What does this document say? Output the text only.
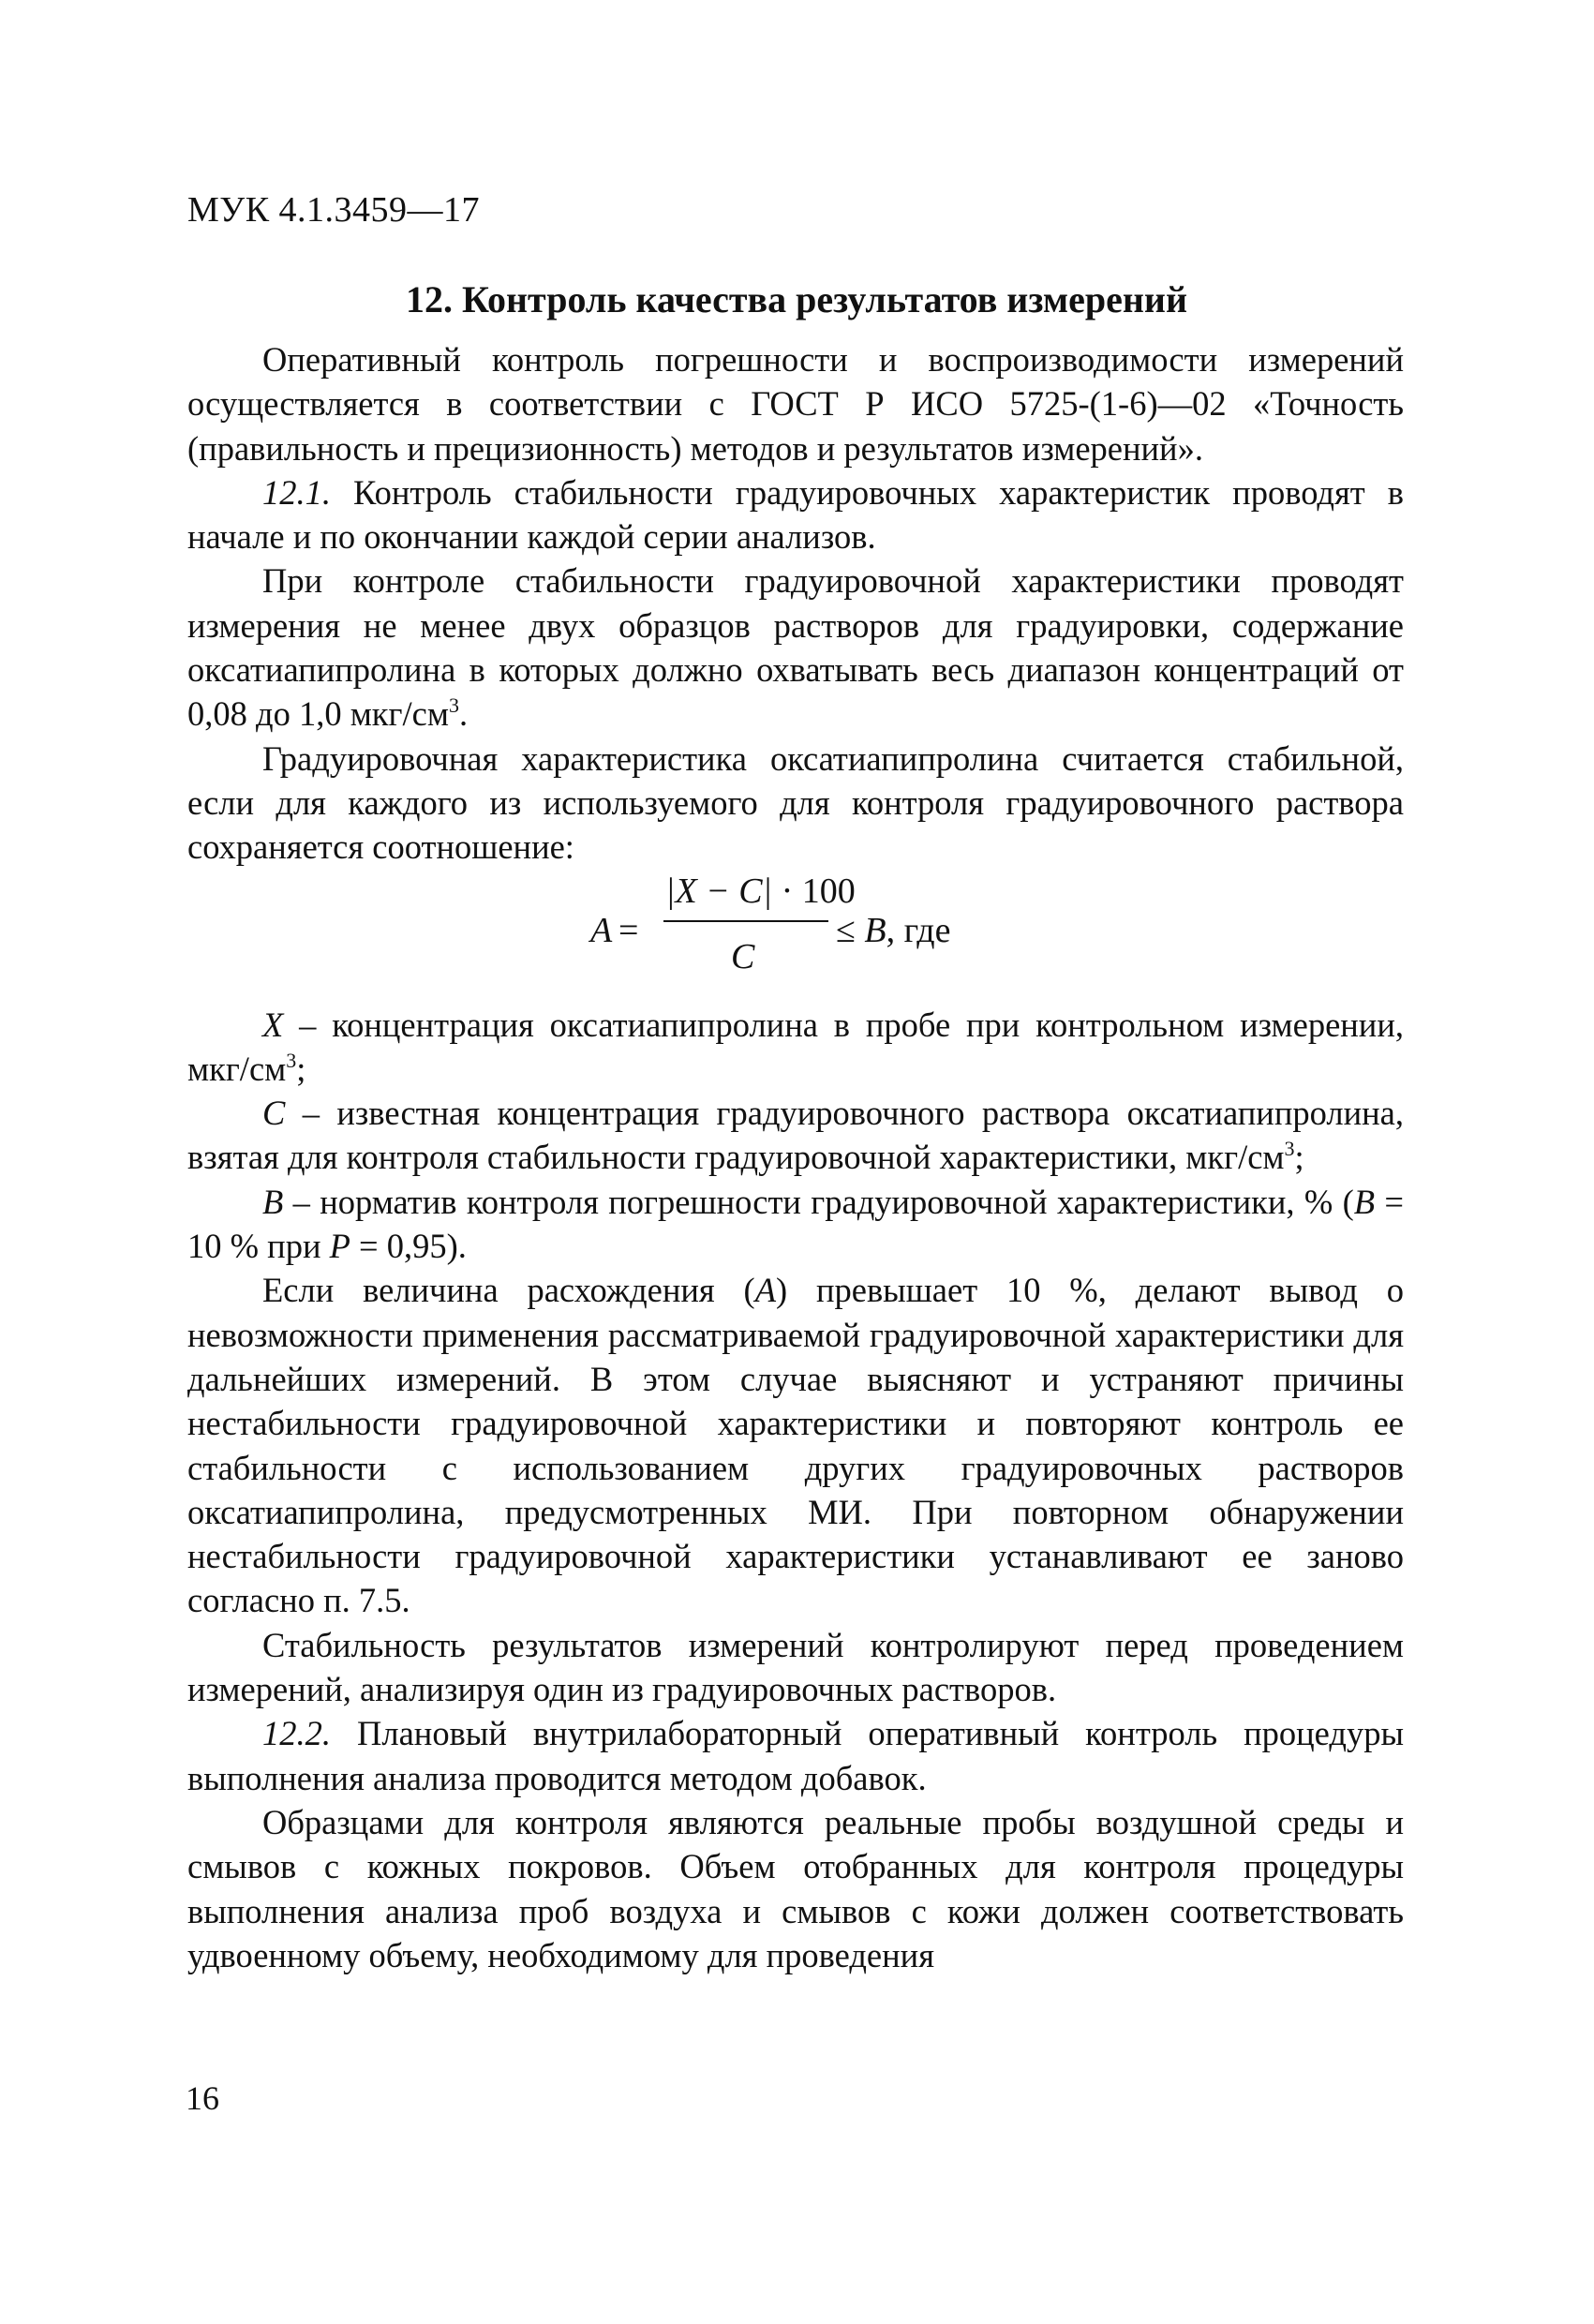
МУК 4.1.3459—17
12. Контроль качества результатов измерений

Оперативный контроль погрешности и воспроизводимости измерений осуществляется в соответствии с ГОСТ Р ИСО 5725-(1-6)—02 «Точность (правильность и прецизионность) методов и результатов измерений».

12.1. Контроль стабильности градуировочных характеристик проводят в начале и по окончании каждой серии анализов.

При контроле стабильности градуировочной характеристики проводят измерения не менее двух образцов растворов для градуировки, содержание оксатиапипролина в которых должно охватывать весь диапазон концентраций от 0,08 до 1,0 мкг/$см^3$.

Градуировочная характеристика оксатиапипролина считается стабильной, если для каждого из используемого для контроля градуировочного раствора сохраняется соотношение:

A =
|X − C| · 100
C
≤ B, где

X – концентрация оксатиапипролина в пробе при контрольном измерении, мкг/$см^3$;

C – известная концентрация градуировочного раствора оксатиапипролина, взятая для контроля стабильности градуировочной характеристики, мкг/$см^3$;

B – норматив контроля погрешности градуировочной характеристики, % (B = 10 % при P = 0,95).

Если величина расхождения (A) превышает 10 %, делают вывод о невозможности применения рассматриваемой градуировочной характеристики для дальнейших измерений. В этом случае выясняют и устраняют причины нестабильности градуировочной характеристики и повторяют контроль ее стабильности с использованием других градуировочных растворов оксатиапипролина, предусмотренных МИ. При повторном обнаружении нестабильности градуировочной характеристики устанавливают ее заново согласно п. 7.5.

Стабильность результатов измерений контролируют перед проведением измерений, анализируя один из градуировочных растворов.

12.2. Плановый внутрилабораторный оперативный контроль процедуры выполнения анализа проводится методом добавок.

Образцами для контроля являются реальные пробы воздушной среды и смывов с кожных покровов. Объем отобранных для контроля процедуры выполнения анализа проб воздуха и смывов с кожи должен соответствовать удвоенному объему, необходимому для проведения

16
